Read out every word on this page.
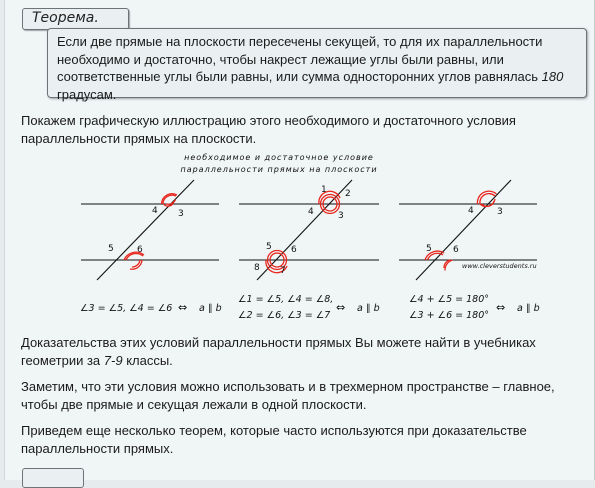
Теорема.

Если две прямые на плоскости пересечены секущей, то для их параллельности необходимо и достаточно, чтобы накрест лежащие углы были равны, или соответственные углы были равны, или сумма односторонних углов равнялась 180 градусам.

Покажем графическую иллюстрацию этого необходимого и достаточного условия параллельности прямых на плоскости.

необходимое и достаточное условие
параллельности прямых на плоскости
4 3
5	6
∠3 = ∠5, ∠4 = ∠6 ⇔ a ∥ b
1 2
4	3
5 6
8 7
∠1 = ∠5, ∠4 = ∠8,
∠2 = ∠6, ∠3 = ∠7
⇔ a ∥ b
4	3
5 6
www.cleverstudents.ru
∠4 + ∠5 = 180°
∠3 + ∠6 = 180°
⇔ a ∥ b

Доказательства этих условий параллельности прямых Вы можете найти в учебниках геометрии за 7-9 классы.

Заметим, что эти условия можно использовать и в трехмерном пространстве – главное, чтобы две прямые и секущая лежали в одной плоскости.

Приведем еще несколько теорем, которые часто используются при доказательстве параллельности прямых.
